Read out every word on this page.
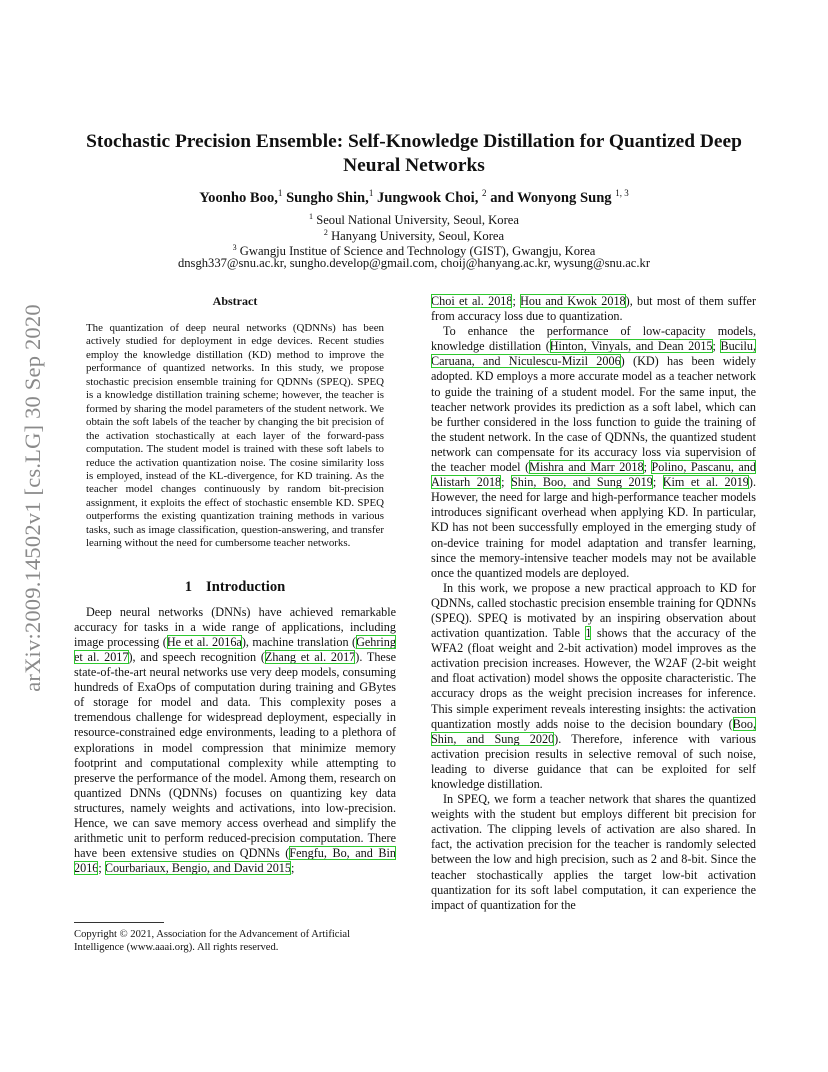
arXiv:2009.14502v1 [cs.LG] 30 Sep 2020
Stochastic Precision Ensemble: Self-Knowledge Distillation for Quantized Deep
Neural Networks

Yoonho Boo,$^1$ Sungho Shin,$^1$ Jungwook Choi, $^2$ and Wonyong Sung $^{1, 3}$

$^1$ Seoul National University, Seoul, Korea

$^2$ Hanyang University, Seoul, Korea

$^3$ Gwangju Institue of Science and Technology (GIST), Gwangju, Korea

dnsgh337@snu.ac.kr, sungho.develop@gmail.com, choij@hanyang.ac.kr, wysung@snu.ac.kr

Abstract

The quantization of deep neural networks (QDNNs) has been actively studied for deployment in edge devices. Recent studies employ the knowledge distillation (KD) method to improve the performance of quantized networks. In this study, we propose stochastic precision ensemble training for QDNNs (SPEQ). SPEQ is a knowledge distillation training scheme; however, the teacher is formed by sharing the model parameters of the student network. We obtain the soft labels of the teacher by changing the bit precision of the activation stochastically at each layer of the forward-pass computation. The student model is trained with these soft labels to reduce the activation quantization noise. The cosine similarity loss is employed, instead of the KL-divergence, for KD training. As the teacher model changes continuously by random bit-precision assignment, it exploits the effect of stochastic ensemble KD. SPEQ outperforms the existing quantization training methods in various tasks, such as image classification, question-answering, and transfer learning without the need for cumbersome teacher networks.

1 Introduction

Deep neural networks (DNNs) have achieved remarkable accuracy for tasks in a wide range of applications, including image processing (He et al. 2016a), machine translation (Gehring et al. 2017), and speech recognition (Zhang et al. 2017). These state-of-the-art neural networks use very deep models, consuming hundreds of ExaOps of computation during training and GBytes of storage for model and data. This complexity poses a tremendous challenge for widespread deployment, especially in resource-constrained edge environments, leading to a plethora of explorations in model compression that minimize memory footprint and computational complexity while attempting to preserve the performance of the model. Among them, research on quantized DNNs (QDNNs) focuses on quantizing key data structures, namely weights and activations, into low-precision. Hence, we can save memory access overhead and simplify the arithmetic unit to perform reduced-precision computation. There have been extensive studies on QDNNs (Fengfu, Bo, and Bin 2016; Courbariaux, Bengio, and David 2015;

Copyright © 2021, Association for the Advancement of Artificial Intelligence (www.aaai.org). All rights reserved.

Choi et al. 2018; Hou and Kwok 2018), but most of them suffer from accuracy loss due to quantization.

To enhance the performance of low-capacity models, knowledge distillation (Hinton, Vinyals, and Dean 2015; Bucilu, Caruana, and Niculescu-Mizil 2006) (KD) has been widely adopted. KD employs a more accurate model as a teacher network to guide the training of a student model. For the same input, the teacher network provides its prediction as a soft label, which can be further considered in the loss function to guide the training of the student network. In the case of QDNNs, the quantized student network can compensate for its accuracy loss via supervision of the teacher model (Mishra and Marr 2018; Polino, Pascanu, and Alistarh 2018; Shin, Boo, and Sung 2019; Kim et al. 2019). However, the need for large and high-performance teacher models introduces significant overhead when applying KD. In particular, KD has not been successfully employed in the emerging study of on-device training for model adaptation and transfer learning, since the memory-intensive teacher models may not be available once the quantized models are deployed.

In this work, we propose a new practical approach to KD for QDNNs, called stochastic precision ensemble training for QDNNs (SPEQ). SPEQ is motivated by an inspiring observation about activation quantization. Table 1 shows that the accuracy of the WFA2 (float weight and 2-bit activation) model improves as the activation precision increases. However, the W2AF (2-bit weight and float activation) model shows the opposite characteristic. The accuracy drops as the weight precision increases for inference. This simple experiment reveals interesting insights: the activation quantization mostly adds noise to the decision boundary (Boo, Shin, and Sung 2020). Therefore, inference with various activation precision results in selective removal of such noise, leading to diverse guidance that can be exploited for self knowledge distillation.

In SPEQ, we form a teacher network that shares the quantized weights with the student but employs different bit precision for activation. The clipping levels of activation are also shared. In fact, the activation precision for the teacher is randomly selected between the low and high precision, such as 2 and 8-bit. Since the teacher stochastically applies the target low-bit activation quantization for its soft label computation, it can experience the impact of quantization for the
